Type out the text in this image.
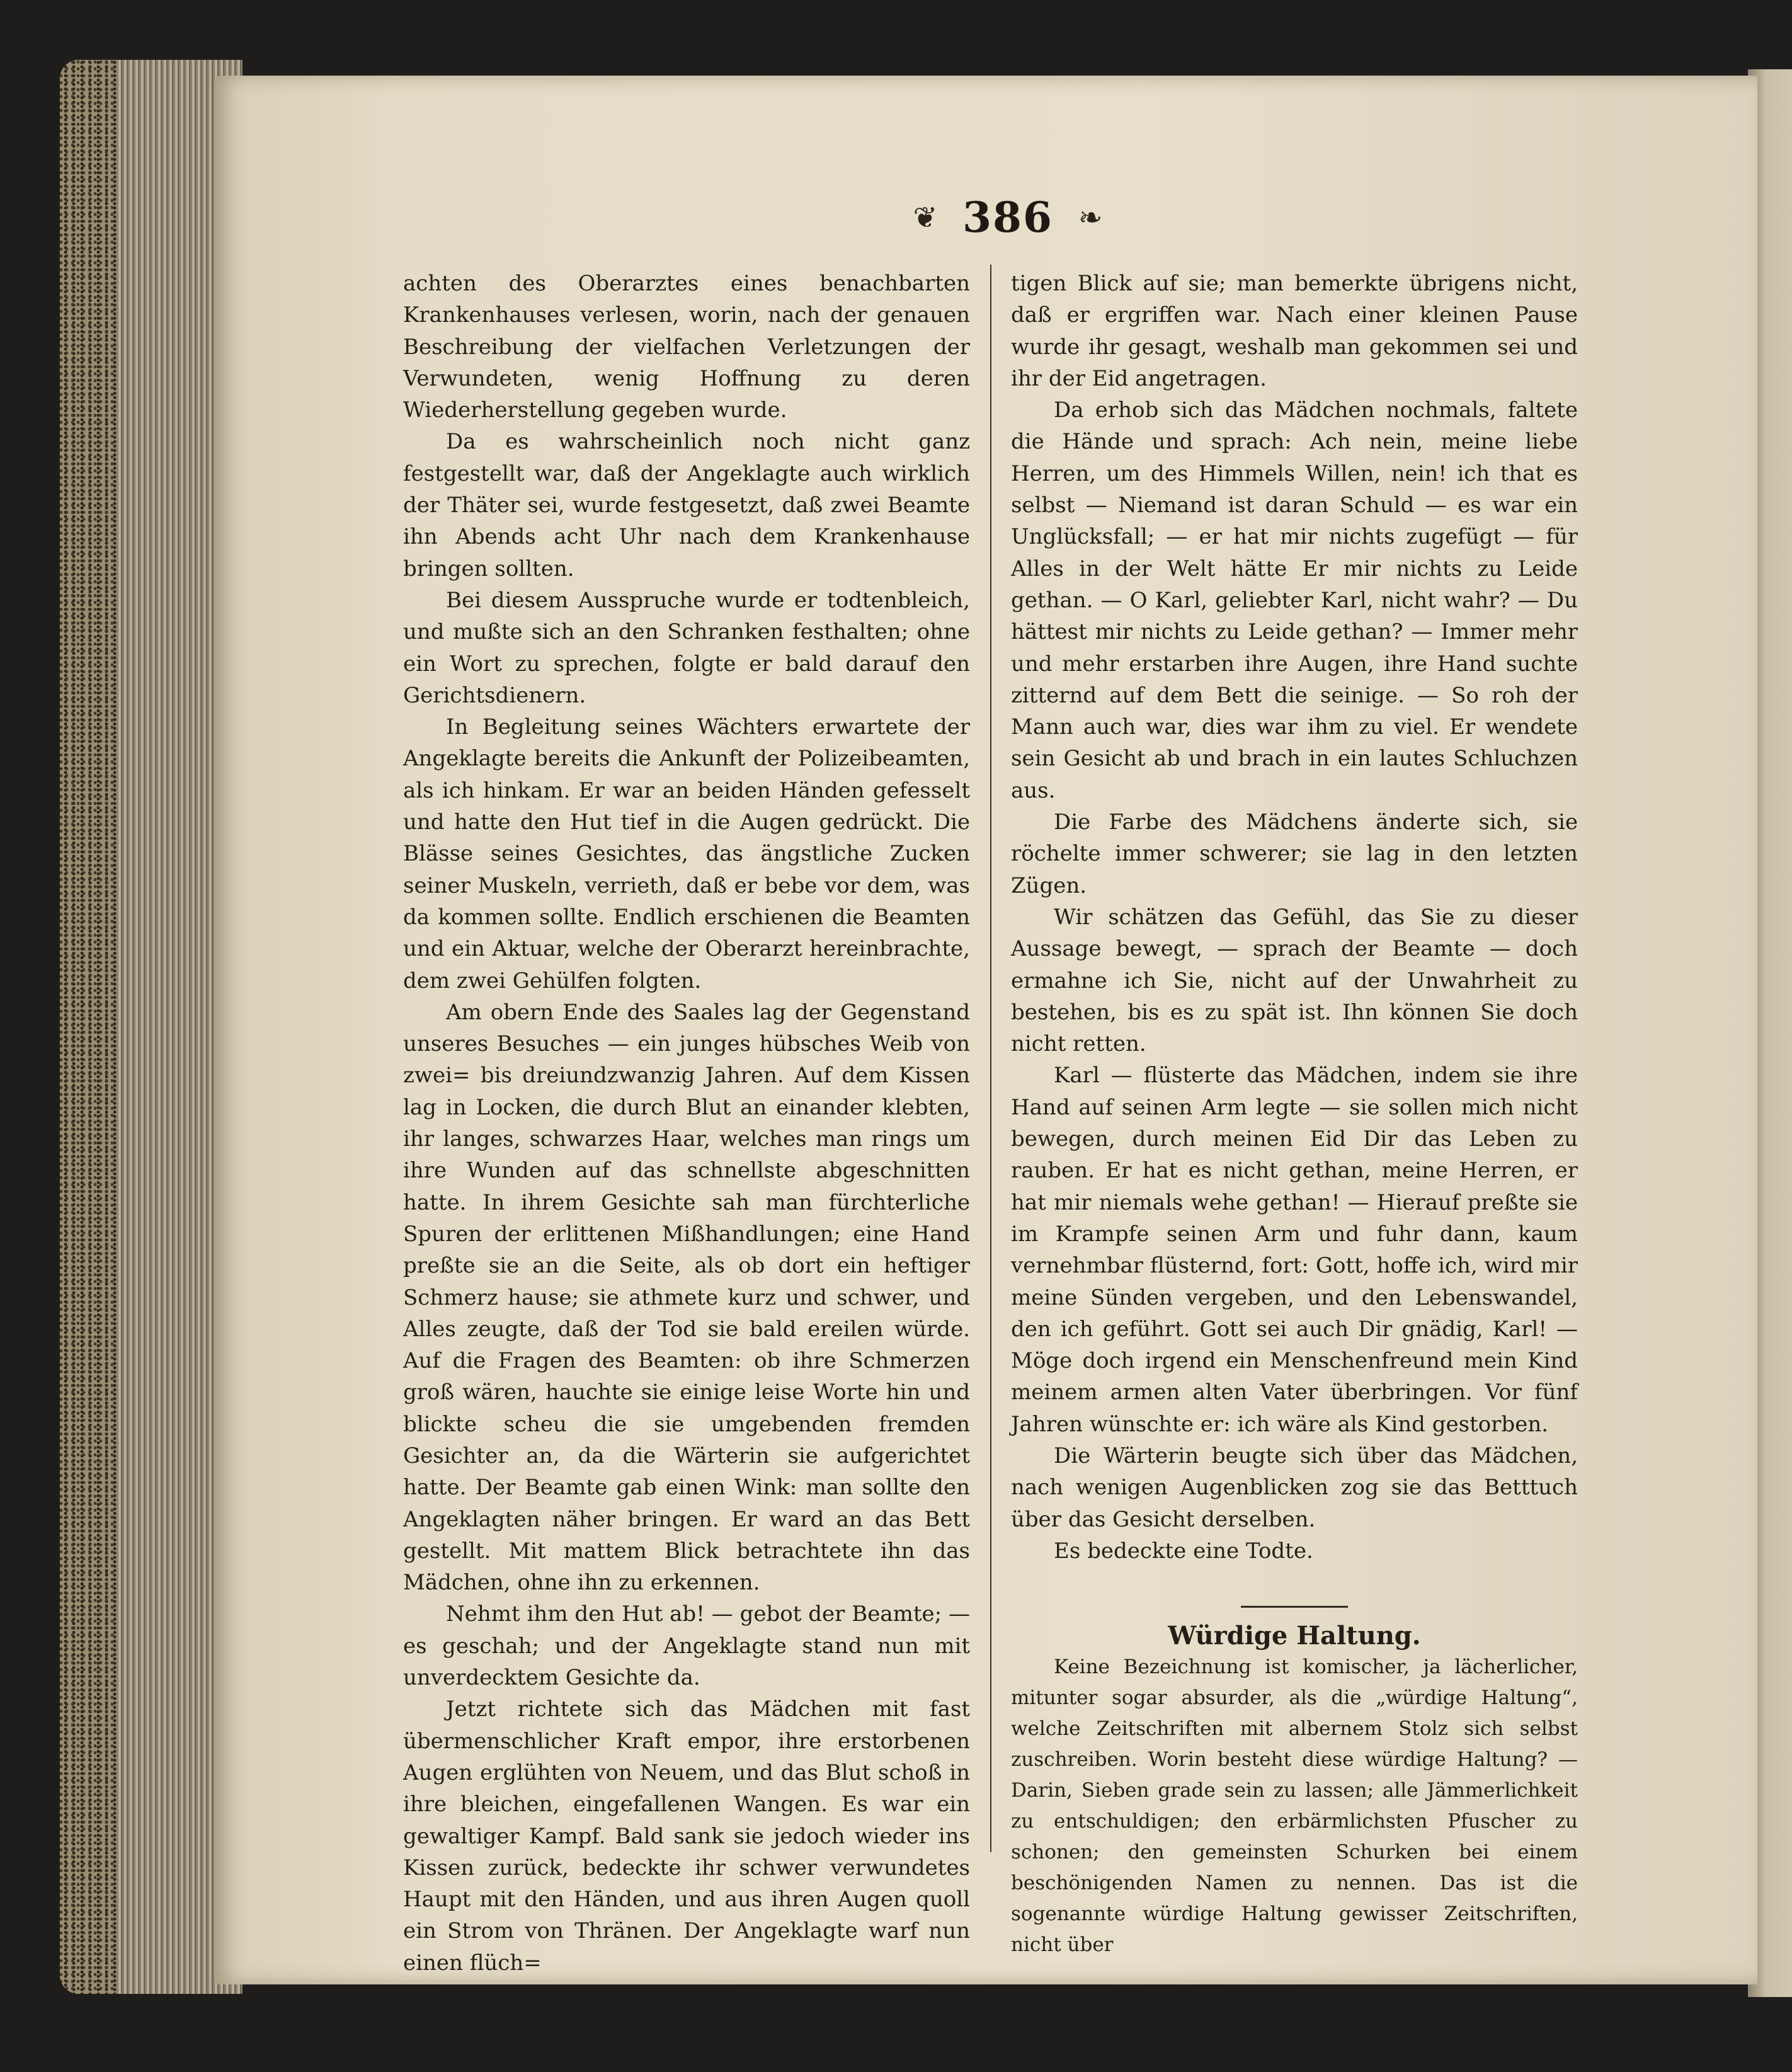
❦ 386 ❧

achten des Oberarztes eines benachbarten Krankenhauses verlesen, worin, nach der genauen Beschreibung der vielfachen Verletzungen der Verwundeten, wenig Hoffnung zu deren Wiederherstellung gegeben wurde.

Da es wahrscheinlich noch nicht ganz festgestellt war, daß der Angeklagte auch wirklich der Thäter sei, wurde festgesetzt, daß zwei Beamte ihn Abends acht Uhr nach dem Krankenhause bringen sollten.

Bei diesem Ausspruche wurde er todtenbleich, und mußte sich an den Schranken festhalten; ohne ein Wort zu sprechen, folgte er bald darauf den Gerichtsdienern.

In Begleitung seines Wächters erwartete der Angeklagte bereits die Ankunft der Polizeibeamten, als ich hinkam. Er war an beiden Händen gefesselt und hatte den Hut tief in die Augen gedrückt. Die Blässe seines Gesichtes, das ängstliche Zucken seiner Muskeln, verrieth, daß er bebe vor dem, was da kommen sollte. Endlich erschienen die Beamten und ein Aktuar, welche der Oberarzt hereinbrachte, dem zwei Gehülfen folgten.

Am obern Ende des Saales lag der Gegenstand unseres Besuches — ein junges hübsches Weib von zwei= bis dreiundzwanzig Jahren. Auf dem Kissen lag in Locken, die durch Blut an einander klebten, ihr langes, schwarzes Haar, welches man rings um ihre Wunden auf das schnellste abgeschnitten hatte. In ihrem Gesichte sah man fürchterliche Spuren der erlittenen Mißhandlungen; eine Hand preßte sie an die Seite, als ob dort ein heftiger Schmerz hause; sie athmete kurz und schwer, und Alles zeugte, daß der Tod sie bald ereilen würde. Auf die Fragen des Beamten: ob ihre Schmerzen groß wären, hauchte sie einige leise Worte hin und blickte scheu die sie umgebenden fremden Gesichter an, da die Wärterin sie aufgerichtet hatte. Der Beamte gab einen Wink: man sollte den Angeklagten näher bringen. Er ward an das Bett gestellt. Mit mattem Blick betrachtete ihn das Mädchen, ohne ihn zu erkennen.

Nehmt ihm den Hut ab! — gebot der Beamte; — es geschah; und der Angeklagte stand nun mit unverdecktem Gesichte da.

Jetzt richtete sich das Mädchen mit fast übermenschlicher Kraft empor, ihre erstorbenen Augen erglühten von Neuem, und das Blut schoß in ihre bleichen, eingefallenen Wangen. Es war ein gewaltiger Kampf. Bald sank sie jedoch wieder ins Kissen zurück, bedeckte ihr schwer verwundetes Haupt mit den Händen, und aus ihren Augen quoll ein Strom von Thränen. Der Angeklagte warf nun einen flüch=

tigen Blick auf sie; man bemerkte übrigens nicht, daß er ergriffen war. Nach einer kleinen Pause wurde ihr gesagt, weshalb man gekommen sei und ihr der Eid angetragen.

Da erhob sich das Mädchen nochmals, faltete die Hände und sprach: Ach nein, meine liebe Herren, um des Himmels Willen, nein! ich that es selbst — Niemand ist daran Schuld — es war ein Unglücksfall; — er hat mir nichts zugefügt — für Alles in der Welt hätte Er mir nichts zu Leide gethan. — O Karl, geliebter Karl, nicht wahr? — Du hättest mir nichts zu Leide gethan? — Immer mehr und mehr erstarben ihre Augen, ihre Hand suchte zitternd auf dem Bett die seinige. — So roh der Mann auch war, dies war ihm zu viel. Er wendete sein Gesicht ab und brach in ein lautes Schluchzen aus.

Die Farbe des Mädchens änderte sich, sie röchelte immer schwerer; sie lag in den letzten Zügen.

Wir schätzen das Gefühl, das Sie zu dieser Aussage bewegt, — sprach der Beamte — doch ermahne ich Sie, nicht auf der Unwahrheit zu bestehen, bis es zu spät ist. Ihn können Sie doch nicht retten.

Karl — flüsterte das Mädchen, indem sie ihre Hand auf seinen Arm legte — sie sollen mich nicht bewegen, durch meinen Eid Dir das Leben zu rauben. Er hat es nicht gethan, meine Herren, er hat mir niemals wehe gethan! — Hierauf preßte sie im Krampfe seinen Arm und fuhr dann, kaum vernehmbar flüsternd, fort: Gott, hoffe ich, wird mir meine Sünden vergeben, und den Lebenswandel, den ich geführt. Gott sei auch Dir gnädig, Karl! — Möge doch irgend ein Menschenfreund mein Kind meinem armen alten Vater überbringen. Vor fünf Jahren wünschte er: ich wäre als Kind gestorben.

Die Wärterin beugte sich über das Mädchen, nach wenigen Augenblicken zog sie das Betttuch über das Gesicht derselben.

Es bedeckte eine Todte.

Würdige Haltung.

Keine Bezeichnung ist komischer, ja lächerlicher, mitunter sogar absurder, als die „würdige Haltung“, welche Zeitschriften mit albernem Stolz sich selbst zuschreiben. Worin besteht diese würdige Haltung? — Darin, Sieben grade sein zu lassen; alle Jämmerlichkeit zu entschuldigen; den erbärmlichsten Pfuscher zu schonen; den gemeinsten Schurken bei einem beschönigenden Namen zu nennen. Das ist die sogenannte würdige Haltung gewisser Zeitschriften, nicht über
